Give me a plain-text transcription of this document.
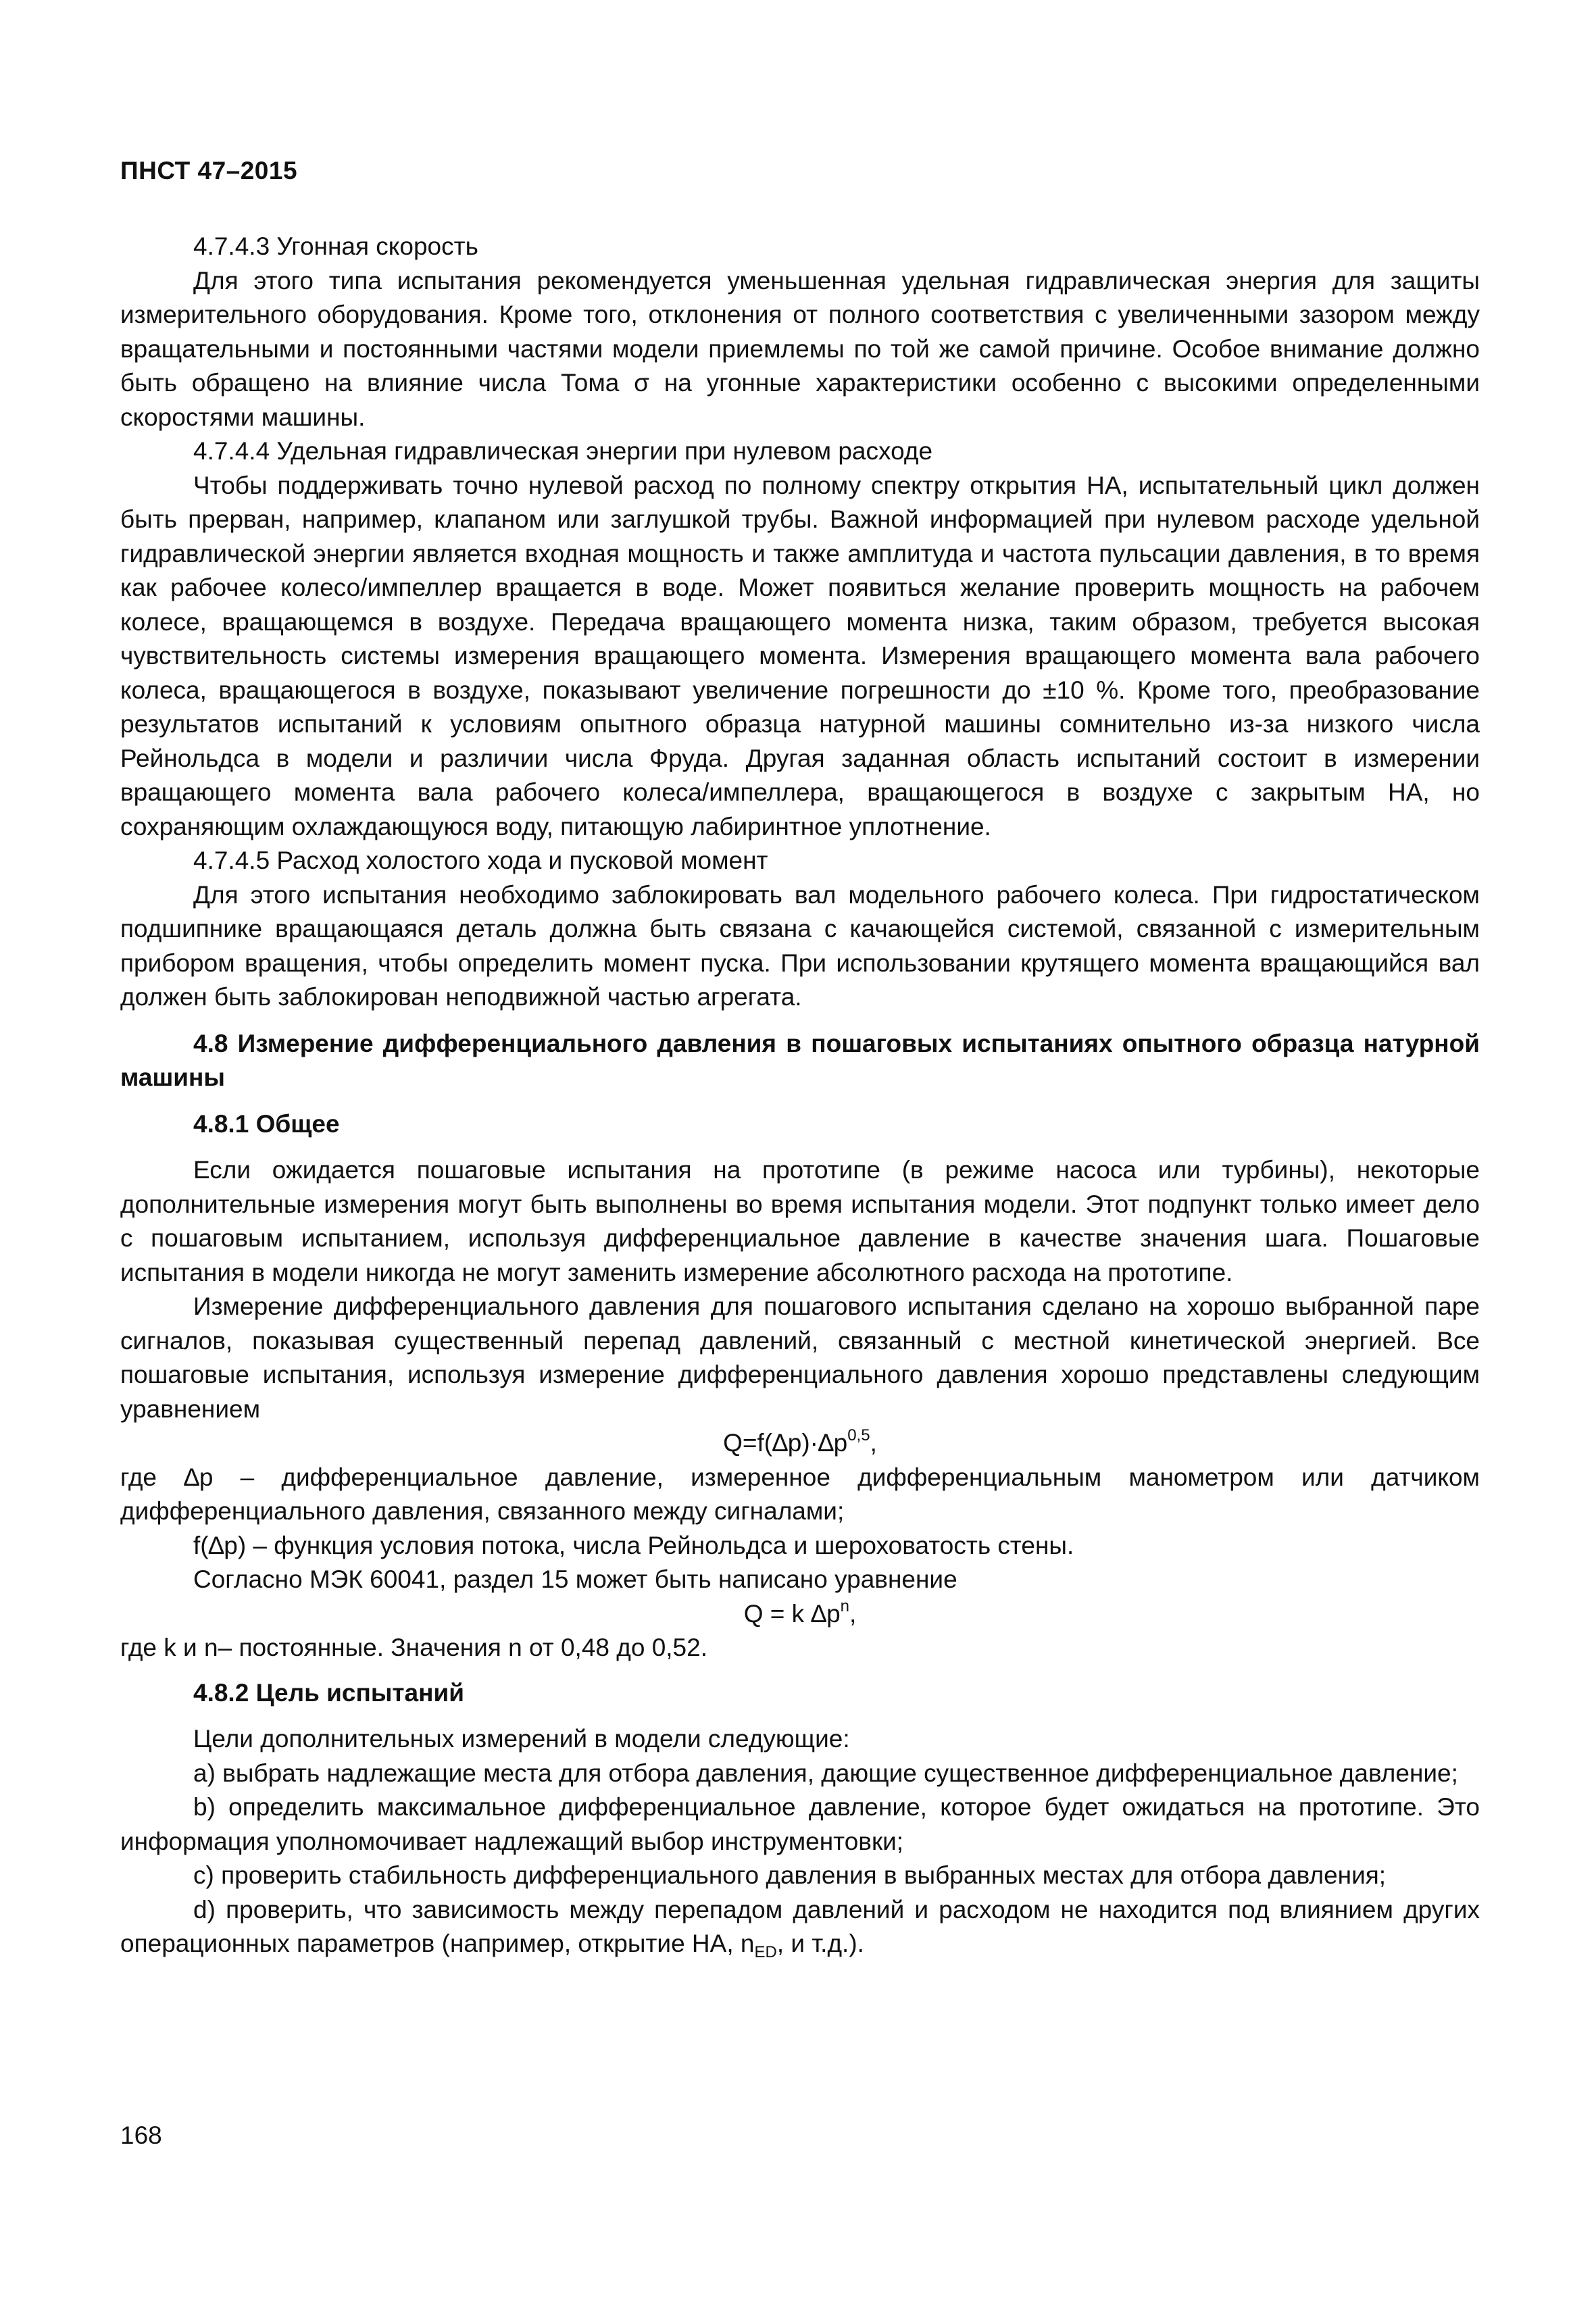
ПНСТ 47–2015

4.7.4.3 Угонная скорость

Для этого типа испытания рекомендуется уменьшенная удельная гидравлическая энергия для защиты измерительного оборудования. Кроме того, отклонения от полного соответствия с увеличенными зазором между вращательными и постоянными частями модели приемлемы по той же самой причине. Особое внимание должно быть обращено на влияние числа Тома σ на угонные характеристики особенно с высокими определенными скоростями машины.

4.7.4.4 Удельная гидравлическая энергии при нулевом расходе

Чтобы поддерживать точно нулевой расход по полному спектру открытия НА, испытательный цикл должен быть прерван, например, клапаном или заглушкой трубы. Важной информацией при нулевом расходе удельной гидравлической энергии является входная мощность и также амплитуда и частота пульсации давления, в то время как рабочее колесо/импеллер вращается в воде. Может появиться желание проверить мощность на рабочем колесе, вращающемся в воздухе. Передача вращающего момента низка, таким образом, требуется высокая чувствительность системы измерения вращающего момента. Измерения вращающего момента вала рабочего колеса, вращающегося в воздухе, показывают увеличение погрешности до ±10 %. Кроме того, преобразование результатов испытаний к условиям опытного образца натурной машины сомнительно из-за низкого числа Рейнольдса в модели и различии числа Фруда. Другая заданная область испытаний состоит в измерении вращающего момента вала рабочего колеса/импеллера, вращающегося в воздухе с закрытым НА, но сохраняющим охлаждающуюся воду, питающую лабиринтное уплотнение.

4.7.4.5 Расход холостого хода и пусковой момент

Для этого испытания необходимо заблокировать вал модельного рабочего колеса. При гидростатическом подшипнике вращающаяся деталь должна быть связана с качающейся системой, связанной с измерительным прибором вращения, чтобы определить момент пуска. При использовании крутящего момента вращающийся вал должен быть заблокирован неподвижной частью агрегата.

4.8 Измерение дифференциального давления в пошаговых испытаниях опытного образца натурной машины

4.8.1 Общее

Если ожидается пошаговые испытания на прототипе (в режиме насоса или турбины), некоторые дополнительные измерения могут быть выполнены во время испытания модели. Этот подпункт только имеет дело с пошаговым испытанием, используя дифференциальное давление в качестве значения шага. Пошаговые испытания в модели никогда не могут заменить измерение абсолютного расхода на прототипе.

Измерение дифференциального давления для пошагового испытания сделано на хорошо выбранной паре сигналов, показывая существенный перепад давлений, связанный с местной кинетической энергией. Все пошаговые испытания, используя измерение дифференциального давления хорошо представлены следующим уравнением

$Q=f(\Delta p)\cdot\Delta p^{0,5}$,

где ∆p – дифференциальное давление, измеренное дифференциальным манометром или датчиком дифференциального давления, связанного между сигналами;

f(∆p) – функция условия потока, числа Рейнольдса и шероховатость стены.

Согласно МЭК 60041, раздел 15 может быть написано уравнение

Q = k $\Delta p^n$,

где k и n– постоянные. Значения n от 0,48 до 0,52.

4.8.2 Цель испытаний

Цели дополнительных измерений в модели следующие:

а) выбрать надлежащие места для отбора давления, дающие существенное дифференциальное давление;

b) определить максимальное дифференциальное давление, которое будет ожидаться на прототипе. Это информация уполномочивает надлежащий выбор инструментовки;

с) проверить стабильность дифференциального давления в выбранных местах для отбора давления;

d) проверить, что зависимость между перепадом давлений и расходом не находится под влиянием других операционных параметров (например, открытие НА, $n_{ED}$, и т.д.).

168
